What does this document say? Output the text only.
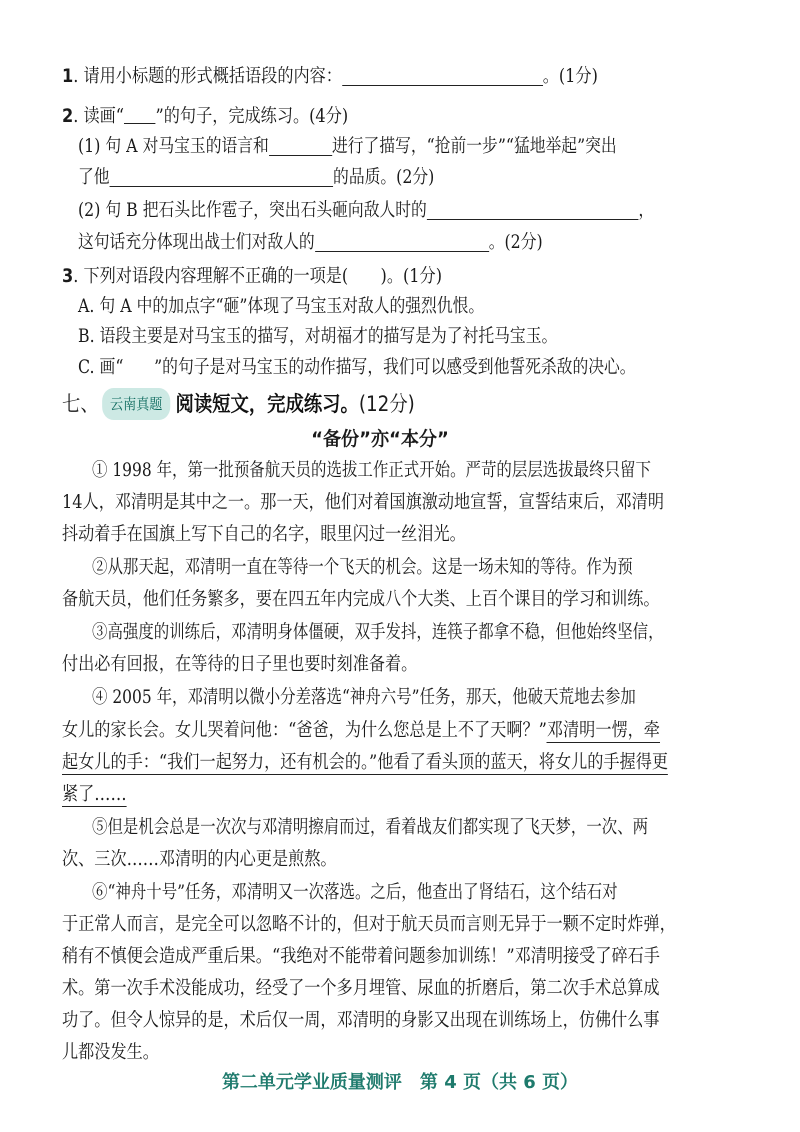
1. 请用小标题的形式概括语段的内容：	。(1分)
2. 读画“ ”的句子，完成练习。(4分)
(1) 句 A 对马宝玉的语言和	进行了描写，“抢前一步”“猛地举起”突出
了他	的品质。(2分)
(2) 句 B 把石头比作雹子，突出石头砸向敌人时的	，
这句话充分体现出战士们对敌人的	。(2分)
3. 下列对语段内容理解不正确的一项是(　　)。(1分)
A. 句 A 中的加点字“砸”体现了马宝玉对敌人的强烈仇恨。
B. 语段主要是对马宝玉的描写，对胡福才的描写是为了衬托马宝玉。
C. 画“ ”的句子是对马宝玉的动作描写，我们可以感受到他誓死杀敌的决心。
七、 云南真题 阅读短文，完成练习。(12分)
“备份”亦“本分”
① 1998 年，第一批预备航天员的选拔工作正式开始。严苛的层层选拔最终只留下
14人，邓清明是其中之一。那一天，他们对着国旗激动地宣誓，宣誓结束后，邓清明
抖动着手在国旗上写下自己的名字，眼里闪过一丝泪光。
②从那天起，邓清明一直在等待一个飞天的机会。这是一场未知的等待。作为预
备航天员，他们任务繁多，要在四五年内完成八个大类、上百个课目的学习和训练。
③高强度的训练后，邓清明身体僵硬，双手发抖，连筷子都拿不稳，但他始终坚信，
付出必有回报，在等待的日子里也要时刻准备着。
④ 2005 年，邓清明以微小分差落选“神舟六号”任务，那天，他破天荒地去参加
女儿的家长会。女儿哭着问他：“爸爸，为什么您总是上不了天啊？”邓清明一愣，牵
起女儿的手：“我们一起努力，还有机会的。”他看了看头顶的蓝天，将女儿的手握得更
紧了……
⑤但是机会总是一次次与邓清明擦肩而过，看着战友们都实现了飞天梦，一次、两
次、三次……邓清明的内心更是煎熬。
⑥“神舟十号”任务，邓清明又一次落选。之后，他查出了肾结石，这个结石对
于正常人而言，是完全可以忽略不计的，但对于航天员而言则无异于一颗不定时炸弹，
稍有不慎便会造成严重后果。“我绝对不能带着问题参加训练！”邓清明接受了碎石手
术。第一次手术没能成功，经受了一个多月埋管、尿血的折磨后，第二次手术总算成
功了。但令人惊异的是，术后仅一周，邓清明的身影又出现在训练场上，仿佛什么事
儿都没发生。
第二单元学业质量测评　第 4 页（共 6 页）
